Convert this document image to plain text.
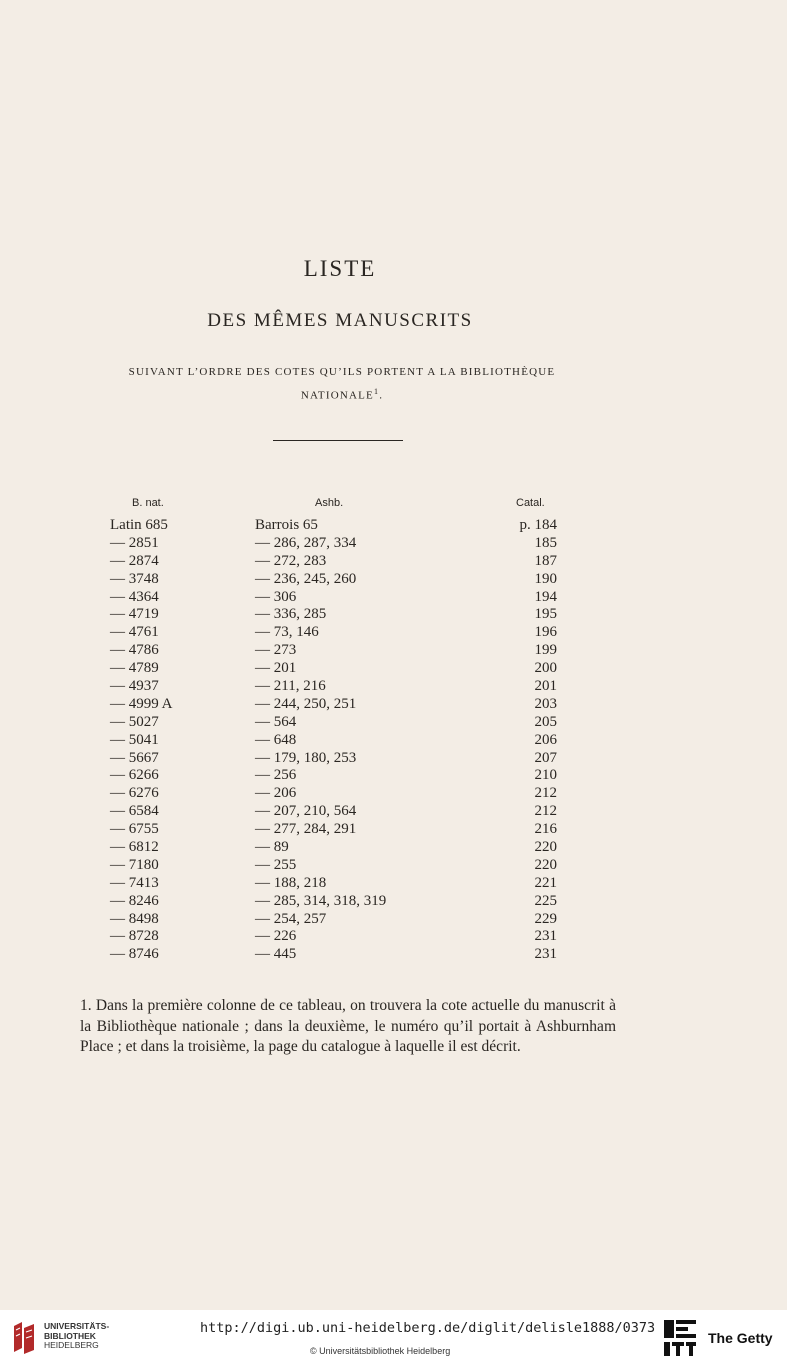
LISTE
DES MÊMES MANUSCRITS
SUIVANT L’ORDRE DES COTES QU’ILS PORTENT A LA BIBLIOTHÈQUE
NATIONALE$^1$.
B. nat.	Ashb.	Catal.
Latin 685	Barrois 65	p. 184
— 2851	— 286, 287, 334	185
— 2874	— 272, 283	187
— 3748	— 236, 245, 260	190
— 4364	— 306	194
— 4719	— 336, 285	195
— 4761	— 73, 146	196
— 4786	— 273	199
— 4789	— 201	200
— 4937	— 211, 216	201
— 4999 A	— 244, 250, 251	203
— 5027	— 564	205
— 5041	— 648	206
— 5667	— 179, 180, 253	207
— 6266	— 256	210
— 6276	— 206	212
— 6584	— 207, 210, 564	212
— 6755	— 277, 284, 291	216
— 6812	— 89	220
— 7180	— 255	220
— 7413	— 188, 218	221
— 8246	— 285, 314, 318, 319	225
— 8498	— 254, 257	229
— 8728	— 226	231
— 8746	— 445	231
1. Dans la première colonne de ce tableau, on trouvera la cote actuelle du manuscrit à la Bibliothèque nationale ; dans la deuxième, le numéro qu’il portait à Ashburnham Place ; et dans la troisième, la page du catalogue à laquelle il est décrit.
UNIVERSITÄTS-
BIBLIOTHEK
HEIDELBERG
http://digi.ub.uni-heidelberg.de/diglit/delisle1888/0373
© Universitätsbibliothek Heidelberg
The Getty
